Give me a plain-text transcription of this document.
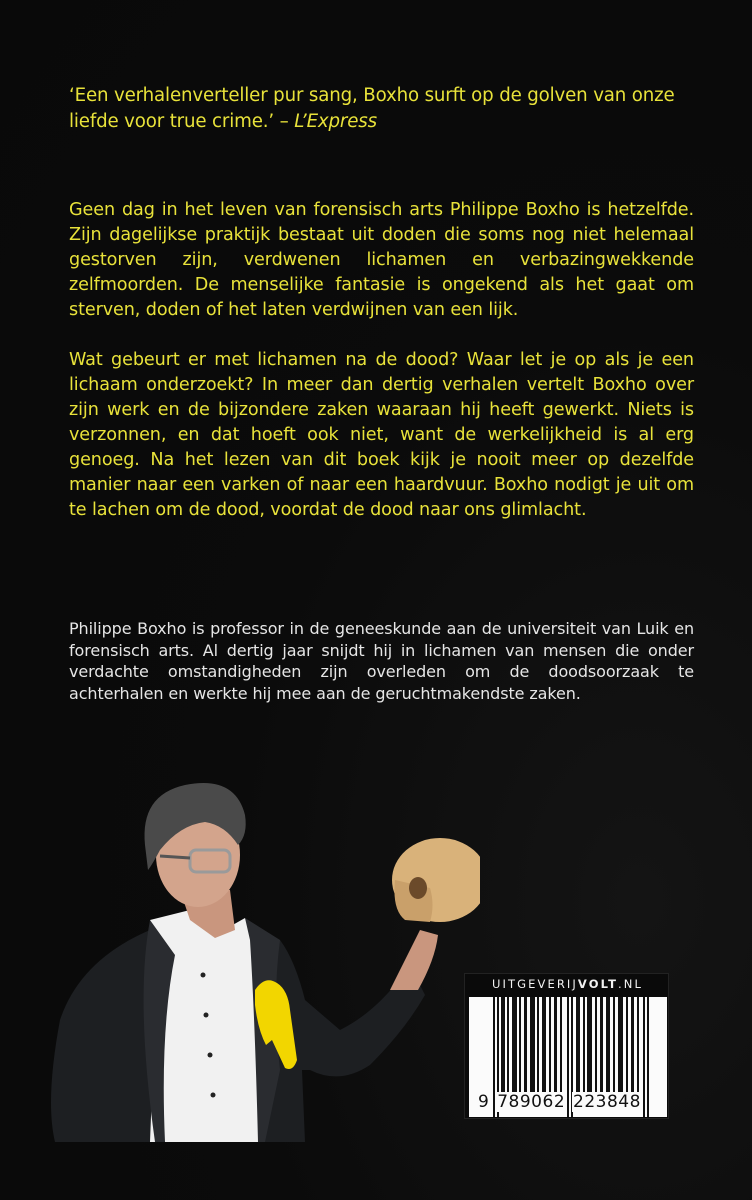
‘Een verhalenverteller pur sang, Boxho surft op de golven van onze liefde voor true crime.’ – L’Express

Geen dag in het leven van forensisch arts Philippe Boxho is hetzelfde. Zijn dagelijkse praktijk bestaat uit doden die soms nog niet helemaal gestorven zijn, verdwenen lichamen en verbazingwekkende zelfmoorden. De menselijke fantasie is ongekend als het gaat om sterven, doden of het laten verdwijnen van een lijk.

Wat gebeurt er met lichamen na de dood? Waar let je op als je een lichaam onderzoekt? In meer dan dertig verhalen vertelt Boxho over zijn werk en de bijzondere zaken waaraan hij heeft gewerkt. Niets is verzonnen, en dat hoeft ook niet, want de werkelijkheid is al erg genoeg. Na het lezen van dit boek kijk je nooit meer op dezelfde manier naar een varken of naar een haardvuur. Boxho nodigt je uit om te lachen om de dood, voordat de dood naar ons glimlacht.

Philippe Boxho is professor in de geneeskunde aan de universiteit van Luik en forensisch arts. Al dertig jaar snijdt hij in lichamen van mensen die onder verdachte omstandigheden zijn overleden om de doodsoorzaak te achterhalen en werkte hij mee aan de geruchtmakendste zaken.
UITGEVERIJVOLT.NL
9 789062 223848
